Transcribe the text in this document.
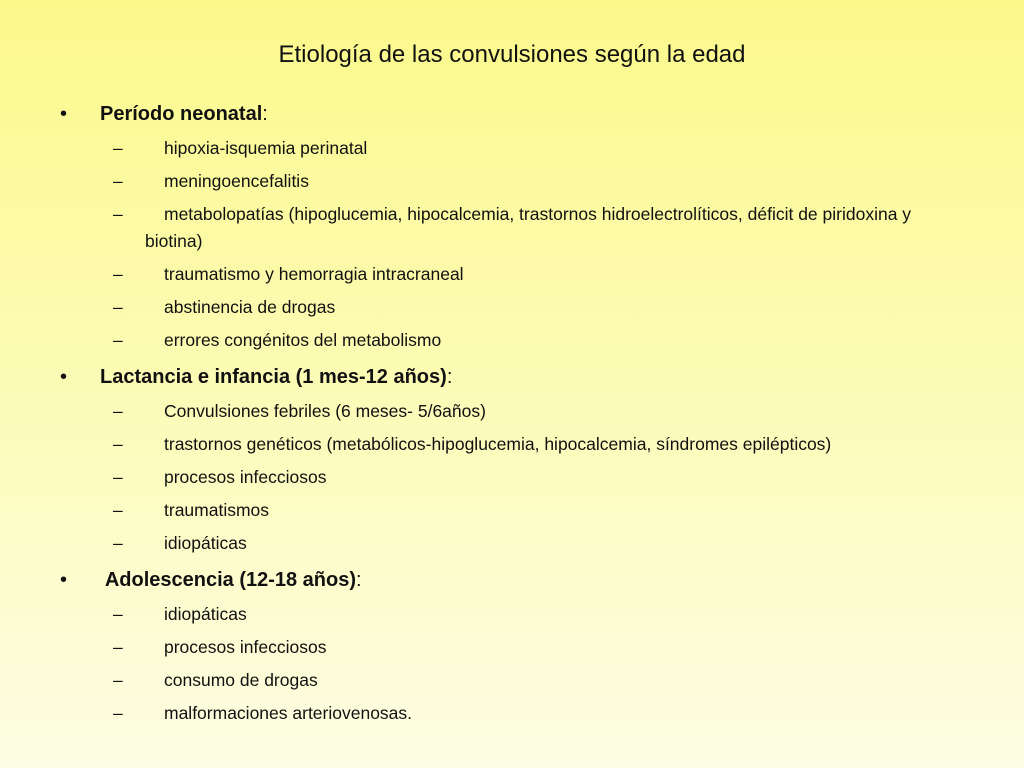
Etiología de las convulsiones según la edad
• Período neonatal:
–	hipoxia-isquemia perinatal
–	meningoencefalitis
–	metabolopatías (hipoglucemia, hipocalcemia, trastornos hidroelectrolíticos, déficit de piridoxina y biotina)
–	traumatismo y hemorragia intracraneal
–	abstinencia de drogas
–	errores congénitos del metabolismo
• Lactancia e infancia (1 mes-12 años):
–	Convulsiones febriles (6 meses- 5/6años)
–	trastornos genéticos (metabólicos-hipoglucemia, hipocalcemia, síndromes epilépticos)
–	procesos infecciosos
–	traumatismos
–	idiopáticas
• Adolescencia (12-18 años):
–	idiopáticas
–	procesos infecciosos
–	consumo de drogas
–	malformaciones arteriovenosas.
